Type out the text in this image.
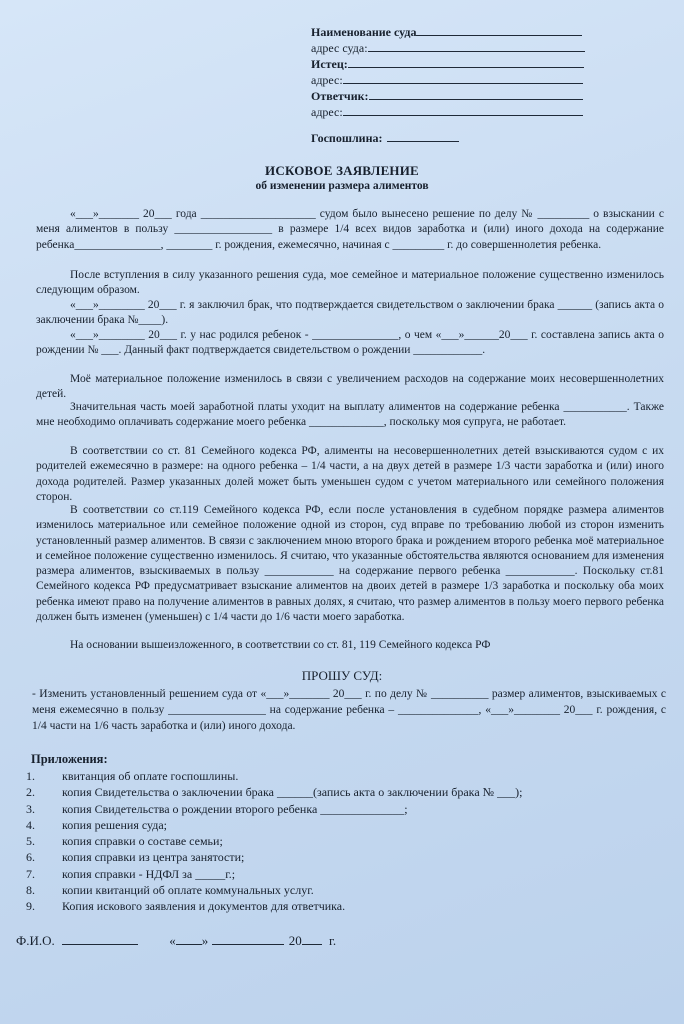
Наименование суда
адрес суда:
Истец:
адрес:
Ответчик:
адрес:
Госпошлина:
ИСКОВОЕ ЗАЯВЛЕНИЕ
об изменении размера алиментов

«___»_______ 20___ года ____________________ судом было вынесено решение по делу № _________ о взыскании с меня алиментов в пользу _________________ в размере 1/4 всех видов заработка и (или) иного дохода на содержание ребенка_______________, ________ г. рождения, ежемесячно, начиная с _________ г. до совершеннолетия ребенка.

После вступления в силу указанного решения суда, мое семейное и материальное положение существенно изменилось следующим образом.

«___»________ 20___ г. я заключил брак, что подтверждается свидетельством о заключении брака ______ (запись акта о заключении брака №____).

«___»________ 20___ г. у нас родился ребенок - _______________, о чем «___»______20___ г. составлена запись акта о рождении № ___. Данный факт подтверждается свидетельством о рождении ____________.

Моё материальное положение изменилось в связи с увеличением расходов на содержание моих несовершеннолетних детей.

Значительная часть моей заработной платы уходит на выплату алиментов на содержание ребенка ___________. Также мне необходимо оплачивать содержание моего ребенка _____________, поскольку моя супруга, не работает.

В соответствии со ст. 81 Семейного кодекса РФ, алименты на несовершеннолетних детей взыскиваются судом с их родителей ежемесячно в размере: на одного ребенка – 1/4 части, а на двух детей в размере 1/3 части заработка и (или) иного дохода родителей. Размер указанных долей может быть уменьшен судом с учетом материального или семейного положения сторон.

В соответствии со ст.119 Семейного кодекса РФ, если после установления в судебном порядке размера алиментов изменилось материальное или семейное положение одной из сторон, суд вправе по требованию любой из сторон изменить установленный размер алиментов. В связи с заключением мною второго брака и рождением второго ребенка моё материальное и семейное положение существенно изменилось. Я считаю, что указанные обстоятельства являются основанием для изменения размера алиментов, взыскиваемых в пользу ____________ на содержание первого ребенка ____________. Поскольку ст.81 Семейного кодекса РФ предусматривает взыскание алиментов на двоих детей в размере 1/3 заработка и поскольку оба моих ребенка имеют право на получение алиментов в равных долях, я считаю, что размер алиментов в пользу моего первого ребенка должен быть изменен (уменьшен) с 1/4 части до 1/6 части моего заработка.

На основании вышеизложенного, в соответствии со ст. 81, 119 Семейного кодекса РФ

ПРОШУ СУД:

- Изменить установленный решением суда от «___»_______ 20___ г. по делу № __________ размер алиментов, взыскиваемых с меня ежемесячно в пользу _________________ на содержание ребенка – ______________, «___»________ 20___ г. рождения, с 1/4 части на 1/6 часть заработка и (или) иного дохода.

Приложения:
1.	квитанция об оплате госпошлины.
2.	копия Свидетельства о заключении брака ______(запись акта о заключении брака № ___);
3.	копия Свидетельства о рождении второго ребенка ______________;
4.	копия решения суда;
5.	копия справки о составе семьи;
6.	копия справки из центра занятости;
7.	копия справки - НДФЛ за _____г.;
8.	копии квитанций об оплате коммунальных услуг.
9.	Копия искового заявления и документов для ответчика.
Ф.И.О.	« »	20 г.
